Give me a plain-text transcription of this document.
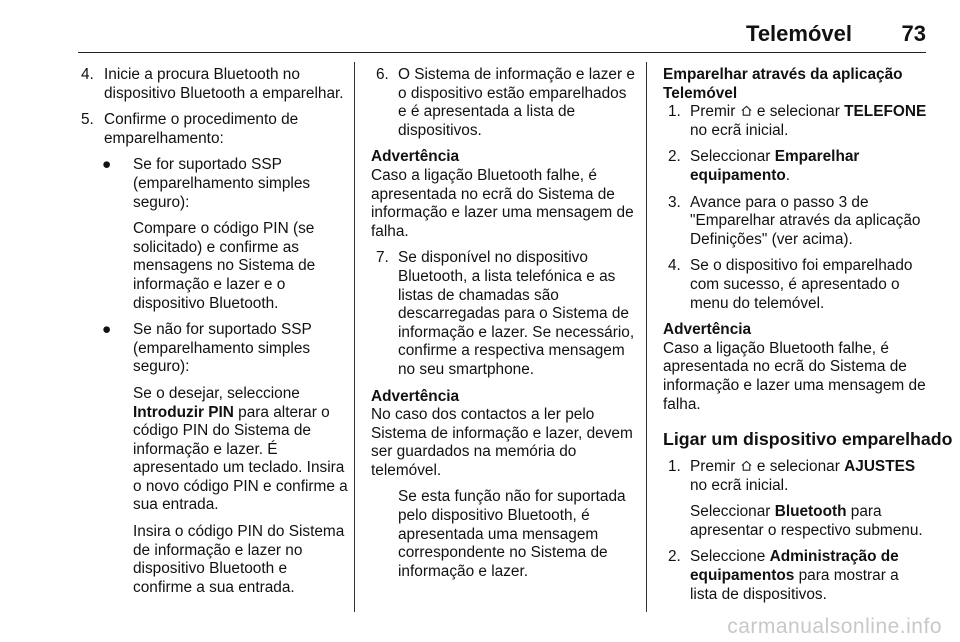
Telemóvel 73
4. Inicie a procura Bluetooth no dispositivo Bluetooth a emparelhar.
5. Confirme o procedimento de emparelhamento:
● Se for suportado SSP (emparelhamento simples seguro):

Compare o código PIN (se solicitado) e confirme as mensagens no Sistema de informação e lazer e o dispositivo Bluetooth.

● Se não for suportado SSP (emparelhamento simples seguro):

Se o desejar, seleccione Introduzir PIN para alterar o código PIN do Sistema de informação e lazer. É apresentado um teclado. Insira o novo código PIN e confirme a sua entrada.

Insira o código PIN do Sistema de informação e lazer no dispositivo Bluetooth e confirme a sua entrada.

6. O Sistema de informação e lazer e o dispositivo estão emparelhados e é apresentada a lista de dispositivos.
Advertência
Caso a ligação Bluetooth falhe, é apresentada no ecrã do Sistema de informação e lazer uma mensagem de falha.
7. Se disponível no dispositivo Bluetooth, a lista telefónica e as listas de chamadas são descarregadas para o Sistema de informação e lazer. Se necessário, confirme a respectiva mensagem no seu smartphone.
Advertência
No caso dos contactos a ler pelo Sistema de informação e lazer, devem ser guardados na memória do telemóvel.

Se esta função não for suportada pelo dispositivo Bluetooth, é apresentada uma mensagem correspondente no Sistema de informação e lazer.

Emparelhar através da aplicação Telemóvel

1. Premir  e selecionar TELEFONE no ecrã inicial.
2. Seleccionar Emparelhar equipamento.
3. Avance para o passo 3 de "Emparelhar através da aplicação Definições" (ver acima).
4. Se o dispositivo foi emparelhado com sucesso, é apresentado o menu do telemóvel.
Advertência
Caso a ligação Bluetooth falhe, é apresentada no ecrã do Sistema de informação e lazer uma mensagem de falha.
Ligar um dispositivo emparelhado
1. Premir  e selecionar AJUSTES no ecrã inicial.
Seleccionar Bluetooth para apresentar o respectivo submenu.
2. Seleccione Administração de equipamentos para mostrar a lista de dispositivos.
carmanualsonline.info
